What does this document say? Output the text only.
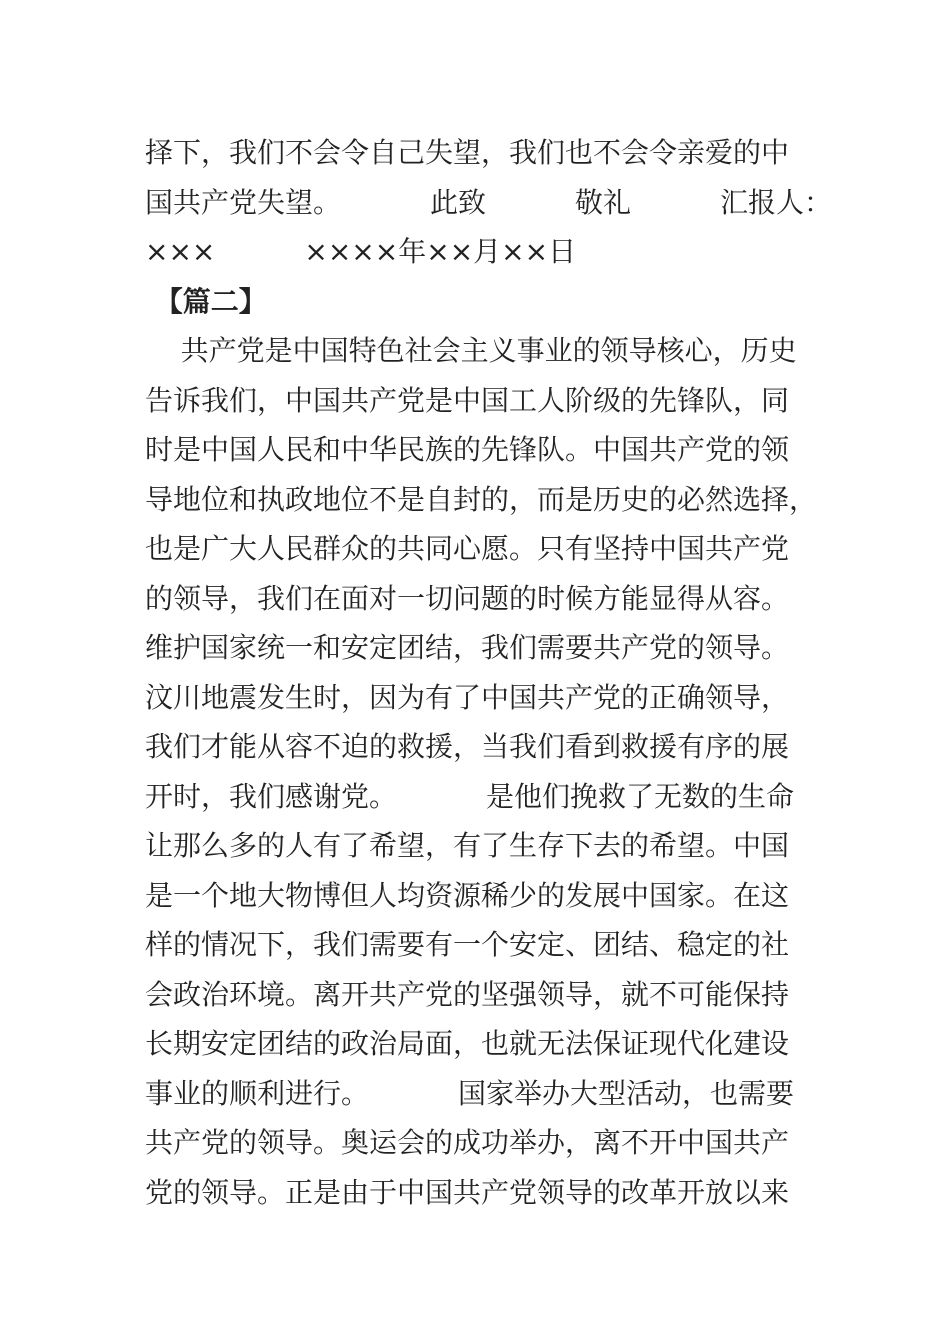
择下，我们不会令自己失望，我们也不会令亲爱的中
国共产党失望。          此致          敬礼          汇报人：
×××          ××××年××月××日
【篇二】
共产党是中国特色社会主义事业的领导核心，历史
告诉我们，中国共产党是中国工人阶级的先锋队，同
时是中国人民和中华民族的先锋队。中国共产党的领
导地位和执政地位不是自封的，而是历史的必然选择，
也是广大人民群众的共同心愿。只有坚持中国共产党
的领导，我们在面对一切问题的时候方能显得从容。
维护国家统一和安定团结，我们需要共产党的领导。
汶川地震发生时，因为有了中国共产党的正确领导，
我们才能从容不迫的救援，当我们看到救援有序的展
开时，我们感谢党。          是他们挽救了无数的生命
让那么多的人有了希望，有了生存下去的希望。中国
是一个地大物博但人均资源稀少的发展中国家。在这
样的情况下，我们需要有一个安定、团结、稳定的社
会政治环境。离开共产党的坚强领导，就不可能保持
长期安定团结的政治局面，也就无法保证现代化建设
事业的顺利进行。          国家举办大型活动，也需要
共产党的领导。奥运会的成功举办，离不开中国共产
党的领导。正是由于中国共产党领导的改革开放以来
